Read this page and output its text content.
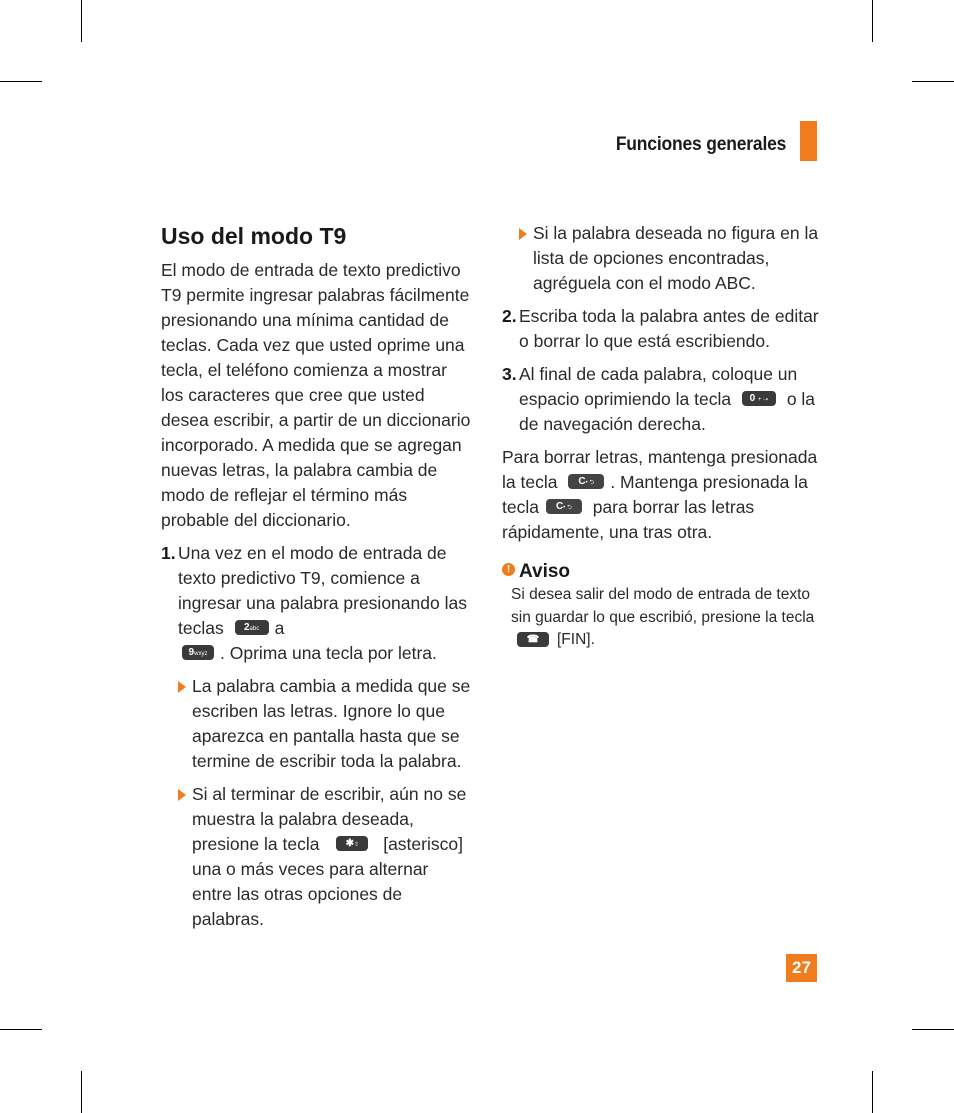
Funciones generales
Uso del modo T9

El modo de entrada de texto predictivo T9 permite ingresar palabras fácilmente presionando una mínima cantidad de teclas. Cada vez que usted oprime una tecla, el teléfono comienza a mostrar los caracteres que cree que usted desea escribir, a partir de un diccionario incorporado. A medida que se agregan nuevas letras, la palabra cambia de modo de reflejar el término más probable del diccionario.

1. Una vez en el modo de entrada de texto predictivo T9, comience a ingresar una palabra presionando las teclas 2abc a
9wxyz . Oprima una tecla por letra.
La palabra cambia a medida que se escriben las letras. Ignore lo que aparezca en pantalla hasta que se termine de escribir toda la palabra.
Si al terminar de escribir, aún no se muestra la palabra deseada, presione la tecla	✱⇧ [asterisco] una o más veces para alternar entre las otras opciones de palabras.
Si la palabra deseada no figura en la lista de opciones encontradas, agréguela con el modo ABC.
2. Escriba toda la palabra antes de editar o borrar lo que está escribiendo.
3. Al final de cada palabra, coloque un espacio oprimiendo la tecla 0 + ⇢ o la de navegación derecha.

Para borrar letras, mantenga presionada la tecla C• ⮌ . Mantenga presionada la tecla C• ⮌ para borrar las letras rápidamente, una tras otra.

! Aviso
Si desea salir del modo de entrada de texto sin guardar lo que escribió, presione la tecla ☎ [FIN].
27
